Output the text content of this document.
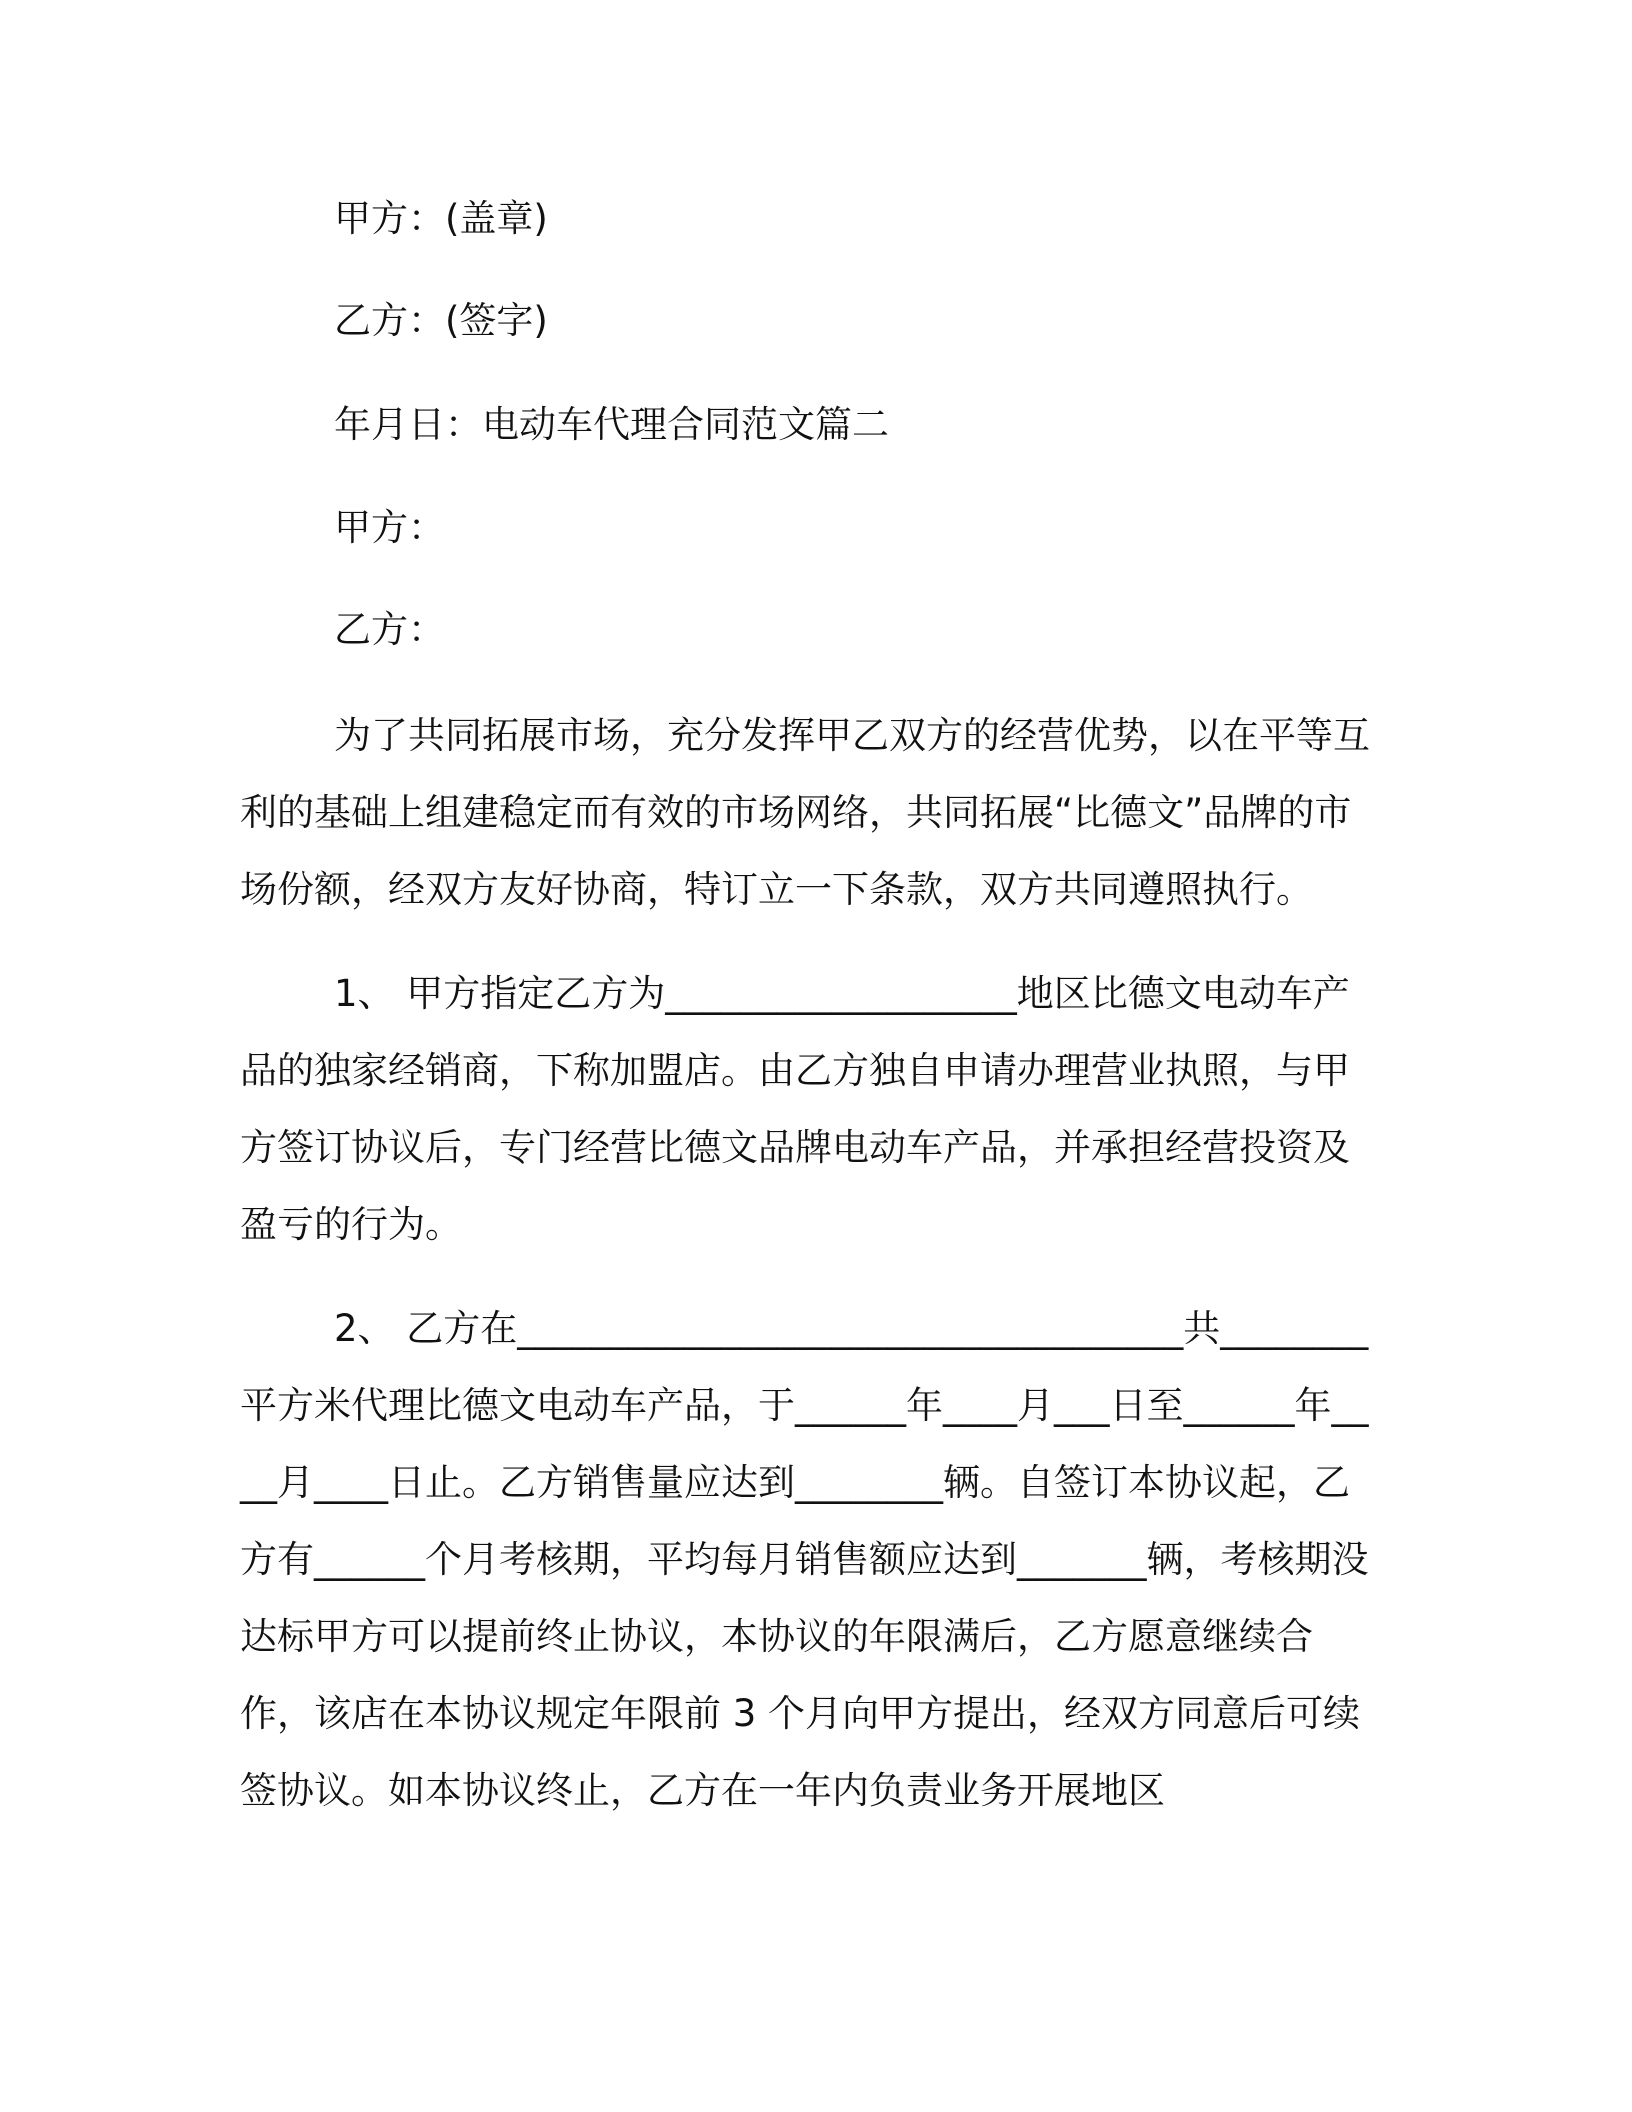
甲方：(盖章)
乙方：(签字)
年月日：电动车代理合同范文篇二
甲方：
乙方：
为了共同拓展市场，充分发挥甲乙双方的经营优势，以在平等互利的基础上组建稳定而有效的市场网络，共同拓展“比德文”品牌的市场份额，经双方友好协商，特订立一下条款，双方共同遵照执行。
1、 甲方指定乙方为___________________地区比德文电动车产品的独家经销商，下称加盟店。由乙方独自申请办理营业执照，与甲方签订协议后，专门经营比德文品牌电动车产品，并承担经营投资及盈亏的行为。
2、 乙方在____________________________________共________平方米代理比德文电动车产品，于______年____月___日至______年____月____日止。乙方销售量应达到________辆。自签订本协议起，乙方有______个月考核期，平均每月销售额应达到_______辆，考核期没达标甲方可以提前终止协议，本协议的年限满后，乙方愿意继续合作，该店在本协议规定年限前 3 个月向甲方提出，经双方同意后可续签协议。如本协议终止，乙方在一年内负责业务开展地区
